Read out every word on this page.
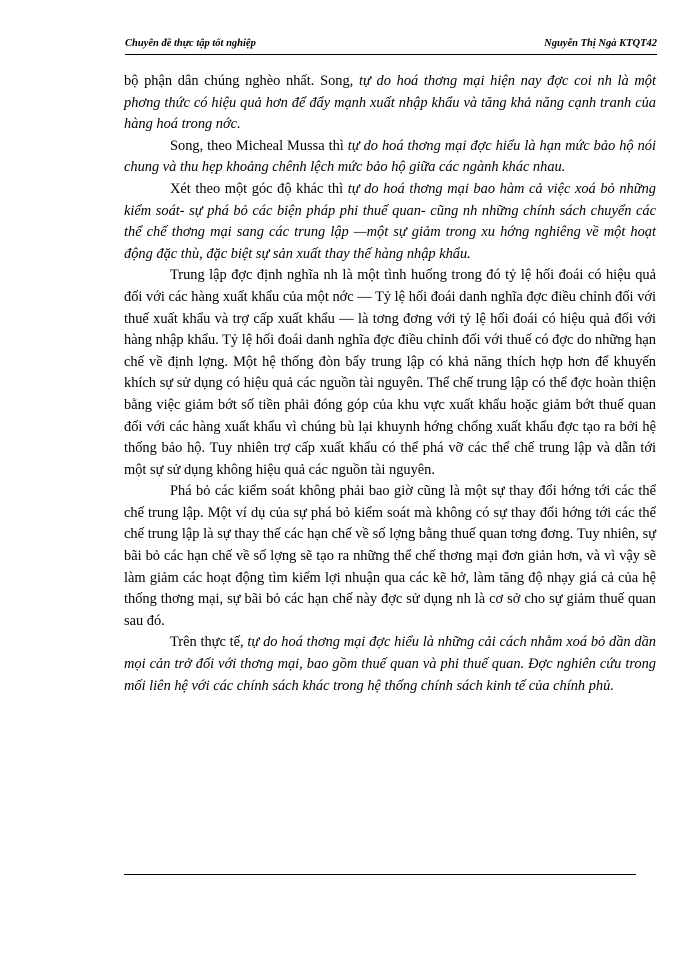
Chuyên đề thực tập tốt nghiệp	Nguyễn Thị Ngà KTQT42

bộ phận dân chúng nghèo nhất. Song, tự do hoá thơng mại hiện nay đợc coi nh là một phơng thức có hiệu quả hơn để đẩy mạnh xuất nhập khẩu và tăng khả năng cạnh tranh của hàng hoá trong nớc.

Song, theo Micheal Mussa thì tự do hoá thơng mại đợc hiểu là hạn mức bảo hộ nói chung và thu hẹp khoảng chênh lệch mức bảo hộ giữa các ngành khác nhau.

Xét theo một góc độ khác thì tự do hoá thơng mại bao hàm cả việc xoá bỏ những kiểm soát- sự phá bỏ các biện pháp phi thuế quan- cũng nh những chính sách chuyển các thể chế thơng mại sang các trung lập —một sự giảm trong xu hớng nghiêng về một hoạt động đặc thù, đặc biệt sự sản xuất thay thế hàng nhập khẩu.

Trung lập đợc định nghĩa nh là một tình huống trong đó tỷ lệ hối đoái có hiệu quả đối với các hàng xuất khẩu của một nớc — Tỷ lệ hối đoái danh nghĩa đợc điều chỉnh đối với thuế xuất khẩu và trợ cấp xuất khẩu — là tơng đơng với tỷ lệ hối đoái có hiệu quả đối với hàng nhập khẩu. Tỷ lệ hối đoái danh nghĩa đợc điều chỉnh đối với thuế có đợc do những hạn chế về định lợng. Một hệ thống đòn bẩy trung lập có khả năng thích hợp hơn để khuyến khích sự sử dụng có hiệu quả các nguồn tài nguyên. Thể chế trung lập có thể đợc hoàn thiện bằng việc giảm bớt số tiền phải đóng góp của khu vực xuất khẩu hoặc giảm bớt thuế quan đối với các hàng xuất khẩu vì chúng bù lại khuynh hớng chống xuất khẩu đợc tạo ra bởi hệ thống bảo hộ. Tuy nhiên trợ cấp xuất khẩu có thể phá vỡ các thể chế trung lập và dẫn tới một sự sử dụng không hiệu quả các nguồn tài nguyên.

Phá bỏ các kiểm soát không phải bao giờ cũng là một sự thay đổi hớng tới các thể chế trung lập. Một ví dụ của sự phá bỏ kiểm soát mà không có sự thay đổi hớng tới các thể chế trung lập là sự thay thế các hạn chế về số lợng bằng thuế quan tơng đơng. Tuy nhiên, sự bãi bỏ các hạn chế về số lợng sẽ tạo ra những thể chế thơng mại đơn giản hơn, và vì vậy sẽ làm giảm các hoạt động tìm kiếm lợi nhuận qua các kẽ hở, làm tăng độ nhạy giá cả của hệ thống thơng mại, sự bãi bỏ các hạn chế này đợc sử dụng nh là cơ sở cho sự giảm thuế quan sau đó.

Trên thực tế, tự do hoá thơng mại đợc hiểu là những cải cách nhằm xoá bỏ dần dần mọi cản trở đối với thơng mại, bao gồm thuế quan và phi thuế quan. Đợc nghiên cứu trong mối liên hệ với các chính sách khác trong hệ thống chính sách kinh tế của chính phủ.
